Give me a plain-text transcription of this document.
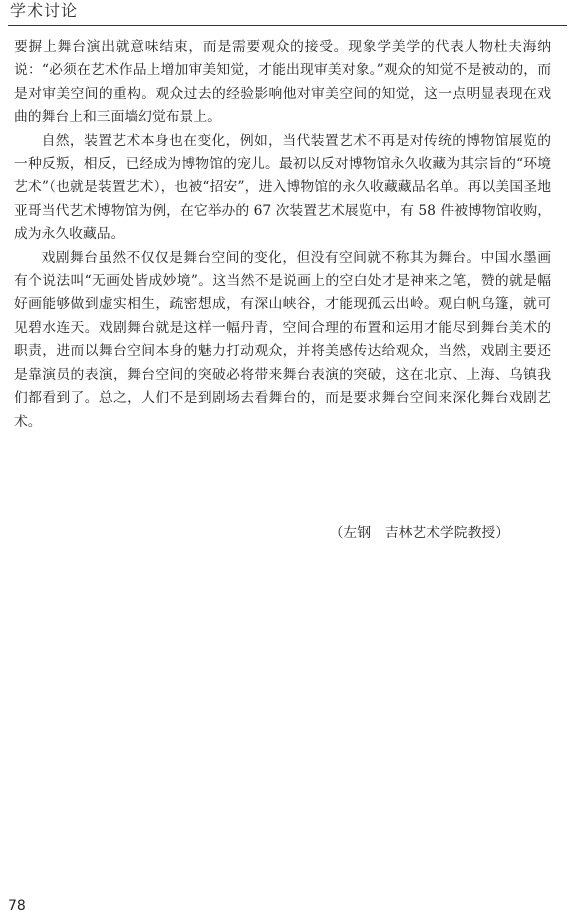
学术讨论

要摒上舞台演出就意味结束，而是需要观众的接受。现象学美学的代表人物杜夫海纳说：“必须在艺术作品上增加审美知觉，才能出现审美对象。”观众的知觉不是被动的，而是对审美空间的重构。观众过去的经验影响他对审美空间的知觉，这一点明显表现在戏曲的舞台上和三面墙幻觉布景上。

自然，装置艺术本身也在变化，例如，当代装置艺术不再是对传统的博物馆展览的一种反叛，相反，已经成为博物馆的宠儿。最初以反对博物馆永久收藏为其宗旨的“环境艺术”（也就是装置艺术），也被“招安”，进入博物馆的永久收藏藏品名单。再以美国圣地亚哥当代艺术博物馆为例，在它举办的 67 次装置艺术展览中，有 58 件被博物馆收购，成为永久收藏品。

戏剧舞台虽然不仅仅是舞台空间的变化，但没有空间就不称其为舞台。中国水墨画有个说法叫“无画处皆成妙境”。这当然不是说画上的空白处才是神来之笔，赞的就是幅好画能够做到虚实相生，疏密想成，有深山峡谷，才能现孤云出岭。观白帆乌篷，就可见碧水连天。戏剧舞台就是这样一幅丹青，空间合理的布置和运用才能尽到舞台美术的职责，进而以舞台空间本身的魅力打动观众，并将美感传达给观众，当然，戏剧主要还是靠演员的表演，舞台空间的突破必将带来舞台表演的突破，这在北京、上海、乌镇我们都看到了。总之，人们不是到剧场去看舞台的，而是要求舞台空间来深化舞台戏剧艺术。

（左钢　吉林艺术学院教授）
78
